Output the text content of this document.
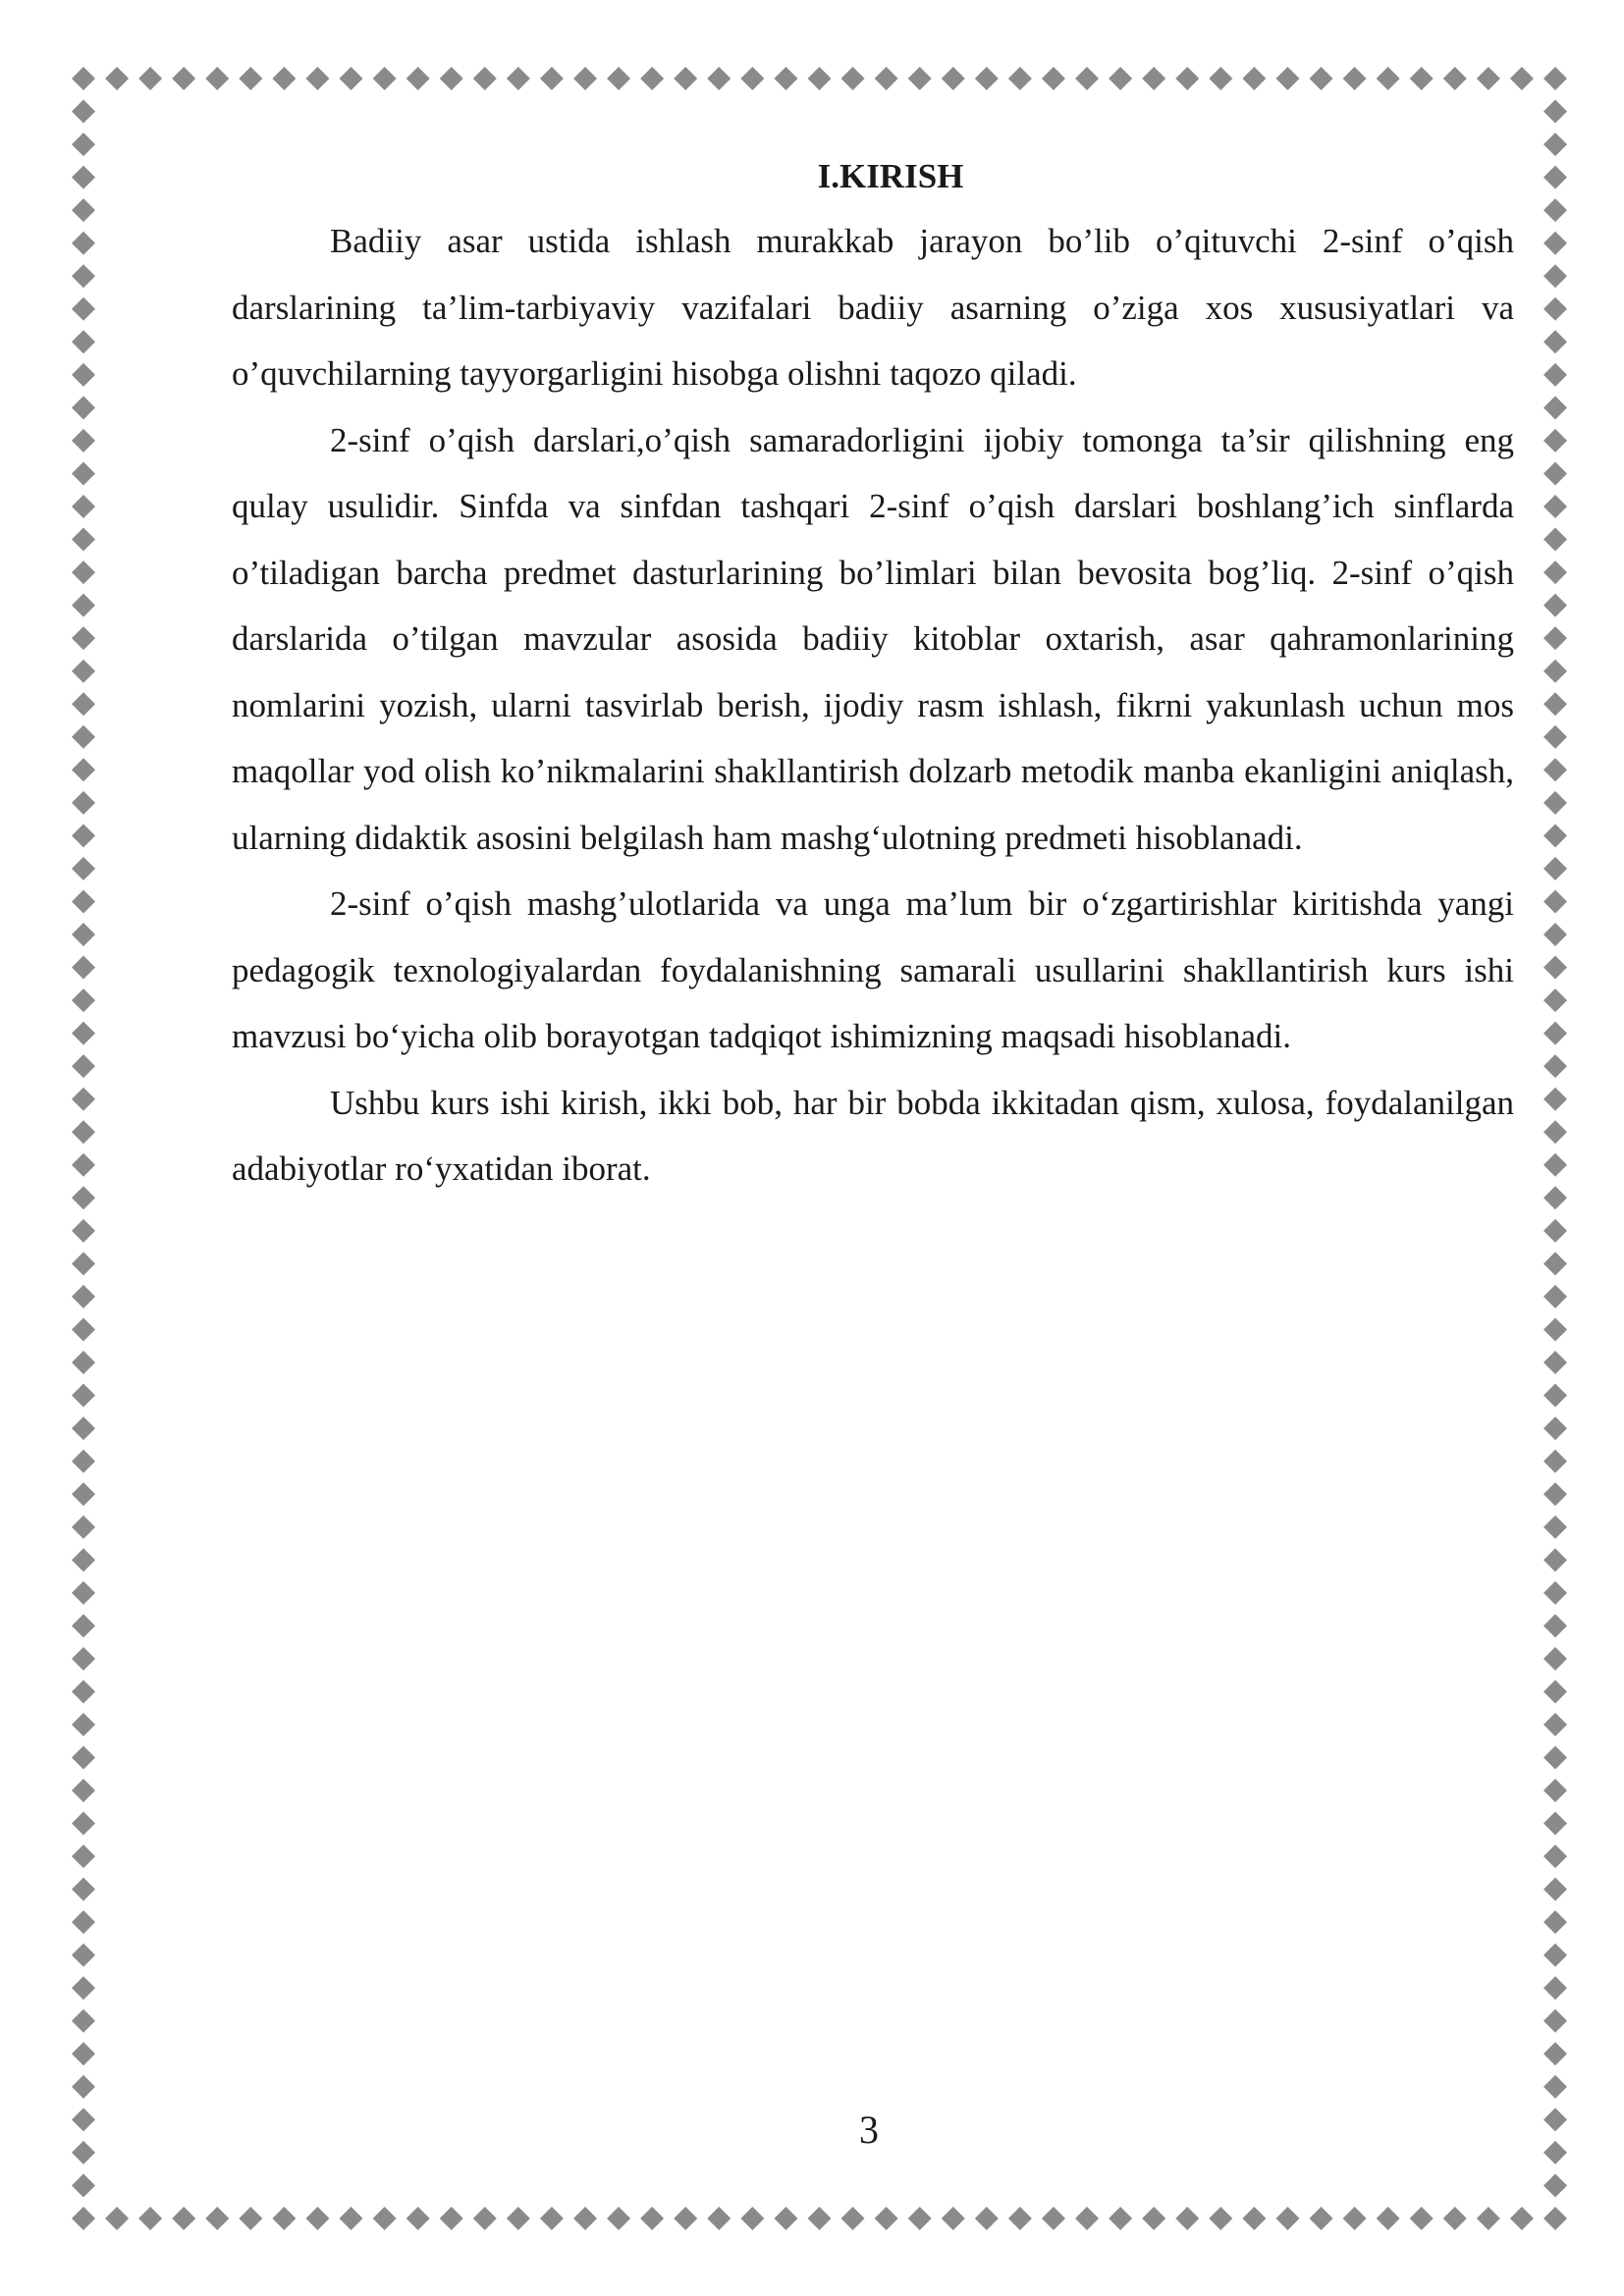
I.KIRISH

Badiiy asar ustida ishlash murakkab jarayon bo’lib o’qituvchi 2-sinf o’qish darslarining ta’lim-tarbiyaviy vazifalari badiiy asarning o’ziga xos xususiyatlari va o’quvchilarning tayyorgarligini hisobga olishni taqozo qiladi.

2-sinf o’qish darslari,o’qish samaradorligini ijobiy tomonga ta’sir qilishning eng qulay usulidir. Sinfda va sinfdan tashqari 2-sinf o’qish darslari boshlang’ich sinflarda o’tiladigan barcha predmet dasturlarining bo’limlari bilan bevosita bog’liq. 2-sinf o’qish darslarida o’tilgan mavzular asosida badiiy kitoblar oxtarish, asar qahramonlarining nomlarini yozish, ularni tasvirlab berish, ijodiy rasm ishlash, fikrni yakunlash uchun mos maqollar yod olish ko’nikmalarini shakllantirish dolzarb metodik manba ekanligini aniqlash, ularning didaktik asosini belgilash ham mashg‘ulotning predmeti hisoblanadi.

2-sinf o’qish mashg’ulotlarida va unga ma’lum bir o‘zgartirishlar kiritishda yangi pedagogik texnologiyalardan foydalanishning samarali usullarini shakllantirish kurs ishi mavzusi bo‘yicha olib borayotgan tadqiqot ishimizning maqsadi hisoblanadi.

Ushbu kurs ishi kirish, ikki bob, har bir bobda ikkitadan qism, xulosa, foydalanilgan adabiyotlar ro‘yxatidan iborat.

3
